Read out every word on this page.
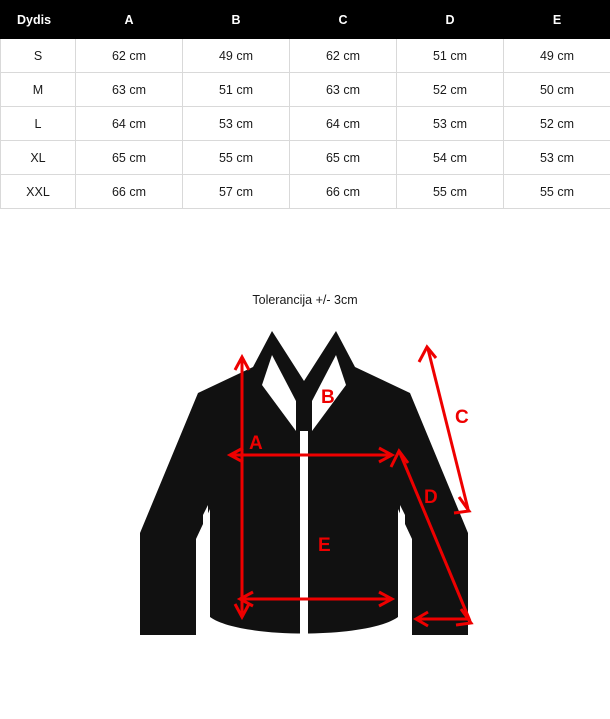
Dydis	A	B	C	D	E
S	62 cm	49 cm	62 cm	51 cm	49 cm
M	63 cm	51 cm	63 cm	52 cm	50 cm
L	64 cm	53 cm	64 cm	53 cm	52 cm
XL	65 cm	55 cm	65 cm	54 cm	53 cm
XXL	66 cm	57 cm	66 cm	55 cm	55 cm
Tolerancija +/- 3cm
A
B
C
D
E
